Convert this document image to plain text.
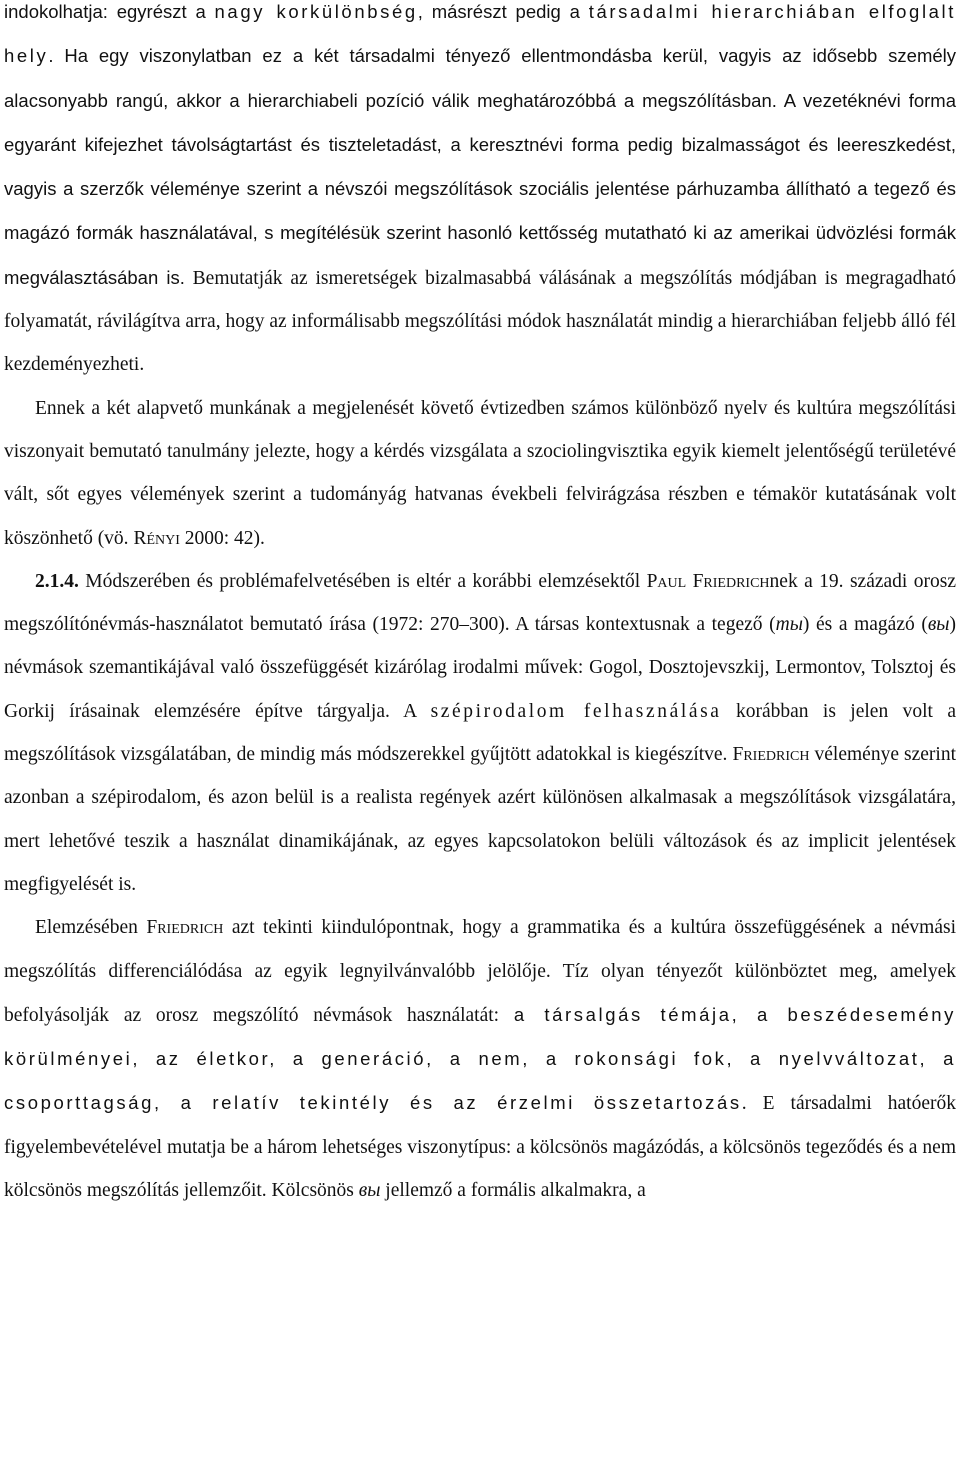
indokolhatja: egyrészt a nagy korkülönbség, másrészt pedig a társadalmi hierarchiában elfoglalt hely. Ha egy viszonylatban ez a két társadalmi tényező ellentmondásba kerül, vagyis az idősebb személy alacsonyabb rangú, akkor a hierarchiabeli pozíció válik meghatározóbbá a megszólításban. A vezetéknévi forma egyaránt kifejezhet távolságtartást és tiszteletadást, a keresztnévi forma pedig bizalmasságot és leereszkedést, vagyis a szerzők véleménye szerint a névszói megszólítások szociális jelentése párhuzamba állítható a tegező és magázó formák használatával, s megítélésük szerint hasonló kettősség mutatható ki az amerikai üdvözlési formák megválasztásában is. Bemutatják az ismeretségek bizalmasabbá válásának a megszólítás módjában is megragadható folyamatát, rávilágítva arra, hogy az informálisabb megszólítási módok használatát mindig a hierarchiában feljebb álló fél kezdeményezheti.

Ennek a két alapvető munkának a megjelenését követő évtizedben számos különböző nyelv és kultúra megszólítási viszonyait bemutató tanulmány jelezte, hogy a kérdés vizsgálata a szociolingvisztika egyik kiemelt jelentőségű területévé vált, sőt egyes vélemények szerint a tudományág hatvanas évekbeli felvirágzása részben e témakör kutatásának volt köszönhető (vö. Rényi 2000: 42).

2.1.4. Módszerében és problémafelvetésében is eltér a korábbi elemzésektől Paul Friedrichnek a 19. századi orosz megszólítónévmás-használatot bemutató írása (1972: 270–300). A társas kontextusnak a tegező (ты) és a magázó (вы) névmások szemantikájával való összefüggését kizárólag irodalmi művek: Gogol, Dosztojevszkij, Lermontov, Tolsztoj és Gorkij írásainak elemzésére építve tárgyalja. A szépirodalom felhasználása korábban is jelen volt a megszólítások vizsgálatában, de mindig más módszerekkel gyűjtött adatokkal is kiegészítve. Friedrich véleménye szerint azonban a szépirodalom, és azon belül is a realista regények azért különösen alkalmasak a megszólítások vizsgálatára, mert lehetővé teszik a használat dinamikájának, az egyes kapcsolatokon belüli változások és az implicit jelentések megfigyelését is.

Elemzésében Friedrich azt tekinti kiindulópontnak, hogy a grammatika és a kultúra összefüggésének a névmási megszólítás differenciálódása az egyik legnyilvánvalóbb jelölője. Tíz olyan tényezőt különböztet meg, amelyek befolyásolják az orosz megszólító névmások használatát: a társalgás témája, a beszédesemény körülményei, az életkor, a generáció, a nem, a rokonsági fok, a nyelvváltozat, a csoporttagság, a relatív tekintély és az érzelmi összetartozás. E társadalmi hatóerők figyelembevételével mutatja be a három lehetséges viszonytípus: a kölcsönös magázódás, a kölcsönös tegeződés és a nem kölcsönös megszólítás jellemzőit. Kölcsönös вы jellemző a formális alkalmakra, a
